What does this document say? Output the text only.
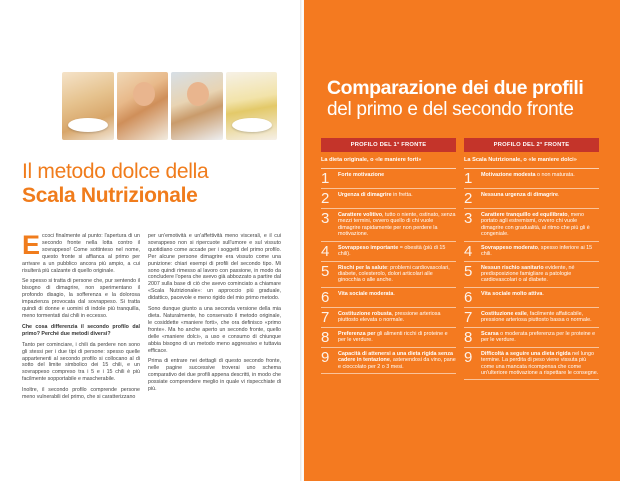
Il metodo dolce della
Scala Nutrizionale

Eccoci finalmente al punto: l'apertura di un secondo fronte nella lotta contro il sovrappeso! Come sottinteso nel nome, questo fronte si affianca al primo per arrivare a un pubblico ancora più ampio, a cui risulterà più calzante di quello originale.

Se spesso si tratta di persone che, pur sentendo il bisogno di dimagrire, non sperimentano il profondo disagio, la sofferenza e la dolorosa impazienza provocata dal sovrappeso. Si tratta quindi di donne e uomini di indole più tranquilla, meno tormentati dai chili in eccesso.

Che cosa differenzia il secondo profilo dal primo? Perché due metodi diversi?

Tanto per cominciare, i chili da perdere non sono gli stessi per i due tipi di persone: spesso quelle appartenenti al secondo profilo si collocano al di sotto del limite simbolico dei 15 chili, e un sovrappeso compreso tra i 5 e i 15 chili è più facilmente sopportabile e mascherabile.

Inoltre, il secondo profilo comprende persone meno vulnerabili del primo, che si caratterizzano

per un'emotività e un'affettività meno viscerali, e il cui sovrappeso non si ripercuote sull'umore e sul vissuto quotidiano come accade per i soggetti del primo profilo. Per alcune persone dimagrire era vissuto come una punizione: chiari esempi di profili del secondo tipo. Mi sono quindi rimesso al lavoro con passione, in modo da concludere l'opera che avevo già abbozzato a partire dal 2007 sulla base di ciò che avevo cominciato a chiamare «Scala Nutrizionale»: un approccio più graduale, didattico, pacevole e meno rigido del mio primo metodo.

Sono dunque giunto a una seconda versione della mia dieta. Naturalmente, ho conservato il metodo originale, le cosiddette «maniere forti», che ora definisco «primo fronte». Ma ho anche aperto un secondo fronte, quello delle «maniere dolci», a uso e consumo di chiunque abbia bisogno di un metodo meno aggressivo e tuttavia efficace.

Prima di entrare nei dettagli di questo secondo fronte, nelle pagine successive troverai uno schema comparativo dei due profili appena descritti, in modo che possiate comprendere meglio in quale vi rispecchiate di più.

Comparazione dei due profili
del primo e del secondo fronte
PROFILO DEL 1° FRONTE
La dieta originale, o «le maniere forti»
1	Forte motivazione
2	Urgenza di dimagrire in fretta.
3	Carattere volitivo, tutto o niente, ostinato, senza mezzi termini, ovvero quello di chi vuole dimagrire rapidamente per non perdere la motivazione.
4	Sovrappeso importante = obesità (più di 15 chili).
5	Rischi per la salute: problemi cardiovascolari, diabete, colesterolo, dolori articolari alle ginocchia o alle anche.
6	Vita sociale moderata.
7	Costituzione robusta, pressione arteriosa piuttosto elevata o normale.
8	Preferenza per gli alimenti ricchi di proteine e per le verdure.
9	Capacità di attenersi a una dieta rigida senza cadere in tentazione, astenendosi da vino, pane e cioccolato per 2 o 3 mesi.
PROFILO DEL 2° FRONTE
La Scala Nutrizionale, o «le maniere dolci»
1	Motivazione modesta o non maturata.
2	Nessuna urgenza di dimagrire.
3	Carattere tranquillo ed equilibrato, meno portato agli estremismi, ovvero chi vuole dimagrire con gradualità, al ritmo che più gli è congeniale.
4	Sovrappeso moderato, spesso inferiore ai 15 chili.
5	Nessun rischio sanitario evidente, né predisposizione famigliare a patologie cardiovascolari o al diabete.
6	Vita sociale molto attiva.
7	Costituzione esile, facilmente affaticabile, pressione arteriosa piuttosto bassa o normale.
8	Scarsa o moderata preferenza per le proteine e per le verdure.
9	Difficoltà a seguire una dieta rigida nel lungo termine. La perdita di peso viene vissuta più come una mancata ricompensa che come un'ulteriore motivazione a rispettare le consegne.
